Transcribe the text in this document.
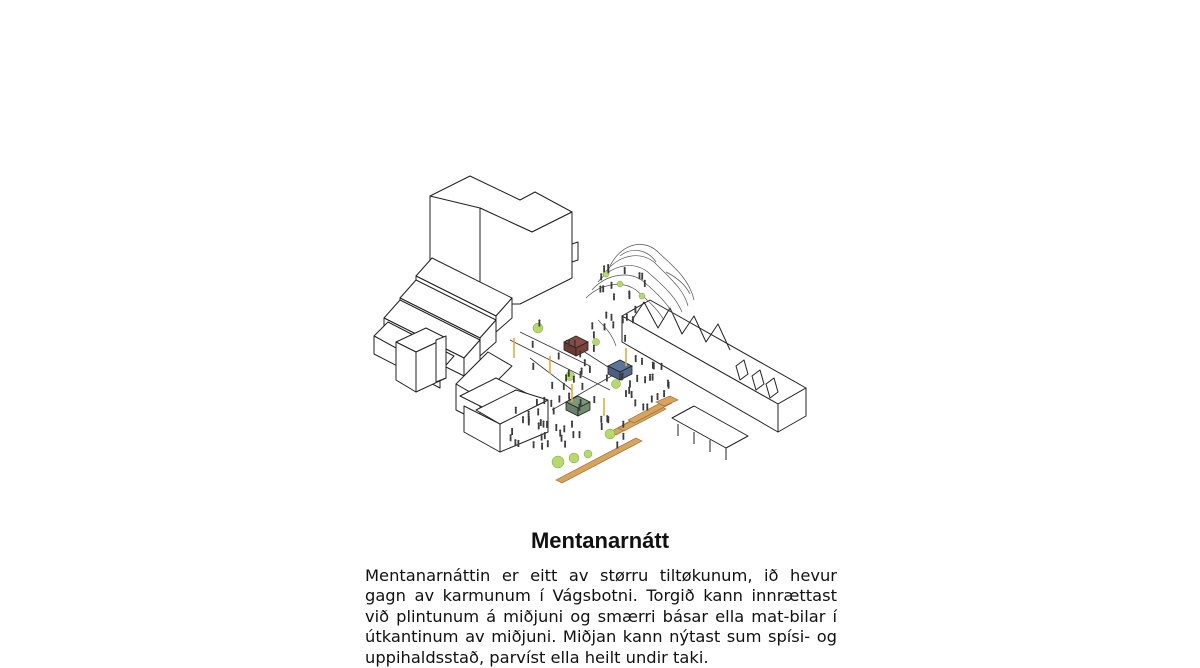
Mentanarnátt

Mentanarnáttin er eitt av størru tiltøkunum, ið hevur gagn av karmunum í Vágsbotni. Torgið kann innrættast við plintunum á miðjuni og smærri básar ella mat-bilar í útkantinum av miðjuni. Miðjan kann nýtast sum spísi- og uppihaldsstað, parvíst ella heilt undir taki.
